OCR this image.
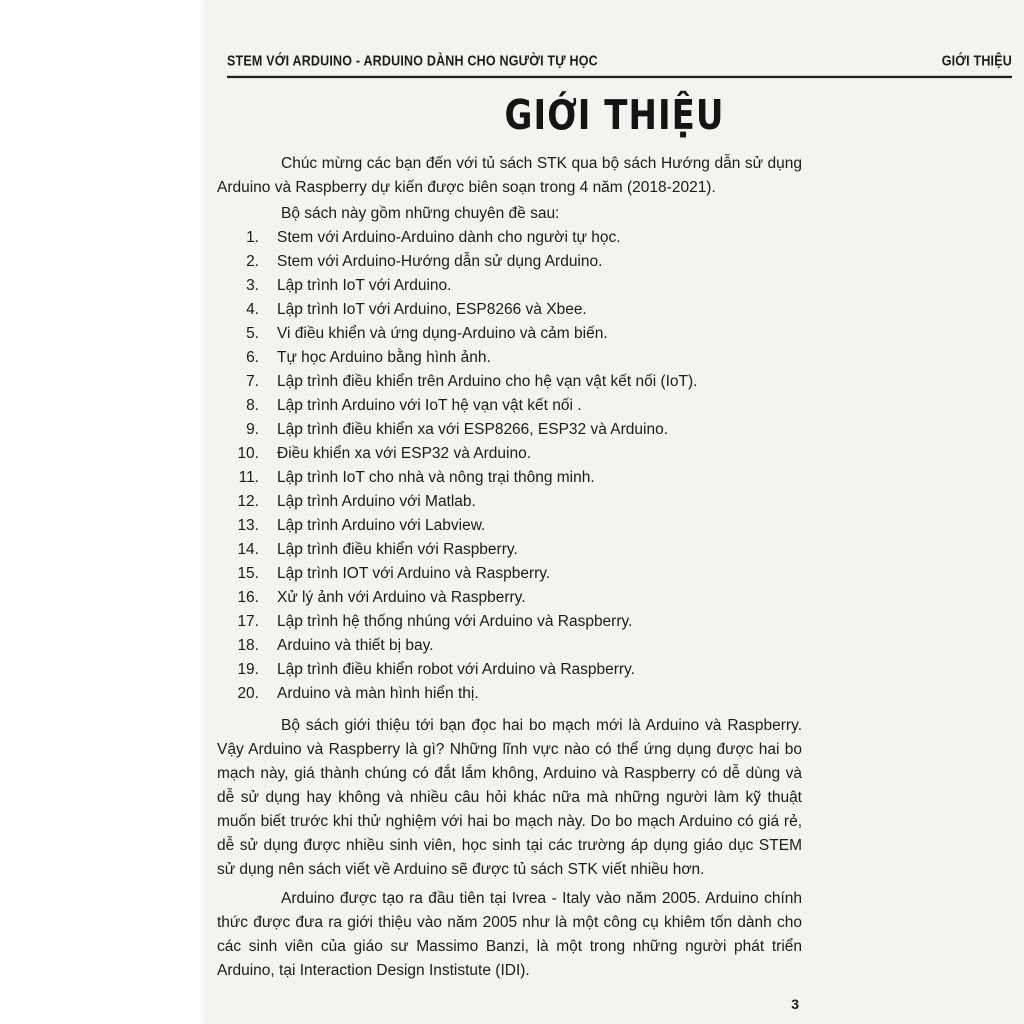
STEM VỚI ARDUINO - ARDUINO DÀNH CHO NGƯỜI TỰ HỌC	GIỚI THIỆU
GIỚI THIỆU
Chúc mừng các bạn đến với tủ sách STK qua bộ sách Hướng dẫn sử dụng Arduino và Raspberry dự kiến được biên soạn trong 4 năm (2018-2021).
Bộ sách này gồm những chuyên đề sau:
1. Stem với Arduino-Arduino dành cho người tự học.
2. Stem với Arduino-Hướng dẫn sử dụng Arduino.
3. Lập trình IoT với Arduino.
4. Lập trình IoT với Arduino, ESP8266 và Xbee.
5. Vi điều khiển và ứng dụng-Arduino và cảm biến.
6. Tự học Arduino bằng hình ảnh.
7. Lập trình điều khiển trên Arduino cho hệ vạn vật kết nối (IoT).
8. Lập trình Arduino với IoT hệ vạn vật kết nối .
9. Lập trình điều khiển xa với ESP8266, ESP32 và Arduino.
10. Điều khiển xa với ESP32 và Arduino.
11. Lập trình IoT cho nhà và nông trại thông minh.
12. Lập trình Arduino với Matlab.
13. Lập trình Arduino với Labview.
14. Lập trình điều khiển với Raspberry.
15. Lập trình IOT với Arduino và Raspberry.
16. Xử lý ảnh với Arduino và Raspberry.
17. Lập trình hệ thống nhúng với Arduino và Raspberry.
18. Arduino và thiết bị bay.
19. Lập trình điều khiển robot với Arduino và Raspberry.
20. Arduino và màn hình hiển thị.
Bộ sách giới thiệu tới bạn đọc hai bo mạch mới là Arduino và Raspberry. Vậy Arduino và Raspberry là gì? Những lĩnh vực nào có thể ứng dụng được hai bo mạch này, giá thành chúng có đắt lắm không, Arduino và Raspberry có dễ dùng và dễ sử dụng hay không và nhiều câu hỏi khác nữa mà những người làm kỹ thuật muốn biết trước khi thử nghiệm với hai bo mạch này. Do bo mạch Arduino có giá rẻ, dễ sử dụng được nhiều sinh viên, học sinh tại các trường áp dụng giáo dục STEM sử dụng nên sách viết về Arduino sẽ được tủ sách STK viết nhiều hơn.
Arduino được tạo ra đầu tiên tại Ivrea - Italy vào năm 2005. Arduino chính thức được đưa ra giới thiệu vào năm 2005 như là một công cụ khiêm tốn dành cho các sinh viên của giáo sư Massimo Banzi, là một trong những người phát triển Arduino, tại Interaction Design Instistute (IDI).
3
